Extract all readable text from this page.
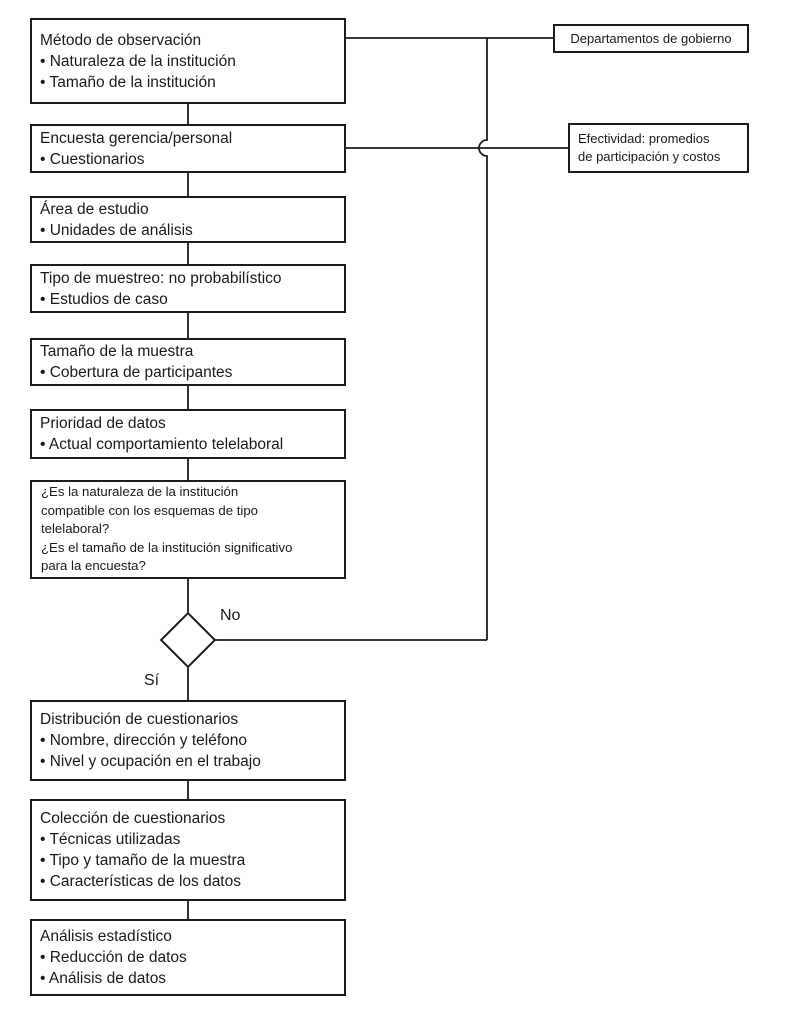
Método de observación
• Naturaleza de la institución
• Tamaño de la institución
Encuesta gerencia/personal
• Cuestionarios
Área de estudio
• Unidades de análisis
Tipo de muestreo: no probabilístico
• Estudios de caso
Tamaño de la muestra
• Cobertura de participantes
Prioridad de datos
• Actual comportamiento telelaboral
¿Es la naturaleza de la institución
compatible con los esquemas de tipo
telelaboral?
¿Es el tamaño de la institución significativo
para la encuesta?
No
Sí
Distribución de cuestionarios
• Nombre, dirección y teléfono
• Nivel y ocupación en el trabajo
Colección de cuestionarios
• Técnicas utilizadas
• Tipo y tamaño de la muestra
• Características de los datos
Análisis estadístico
• Reducción de datos
• Análisis de datos
Departamentos de gobierno
Efectividad: promedios
de participación y costos
